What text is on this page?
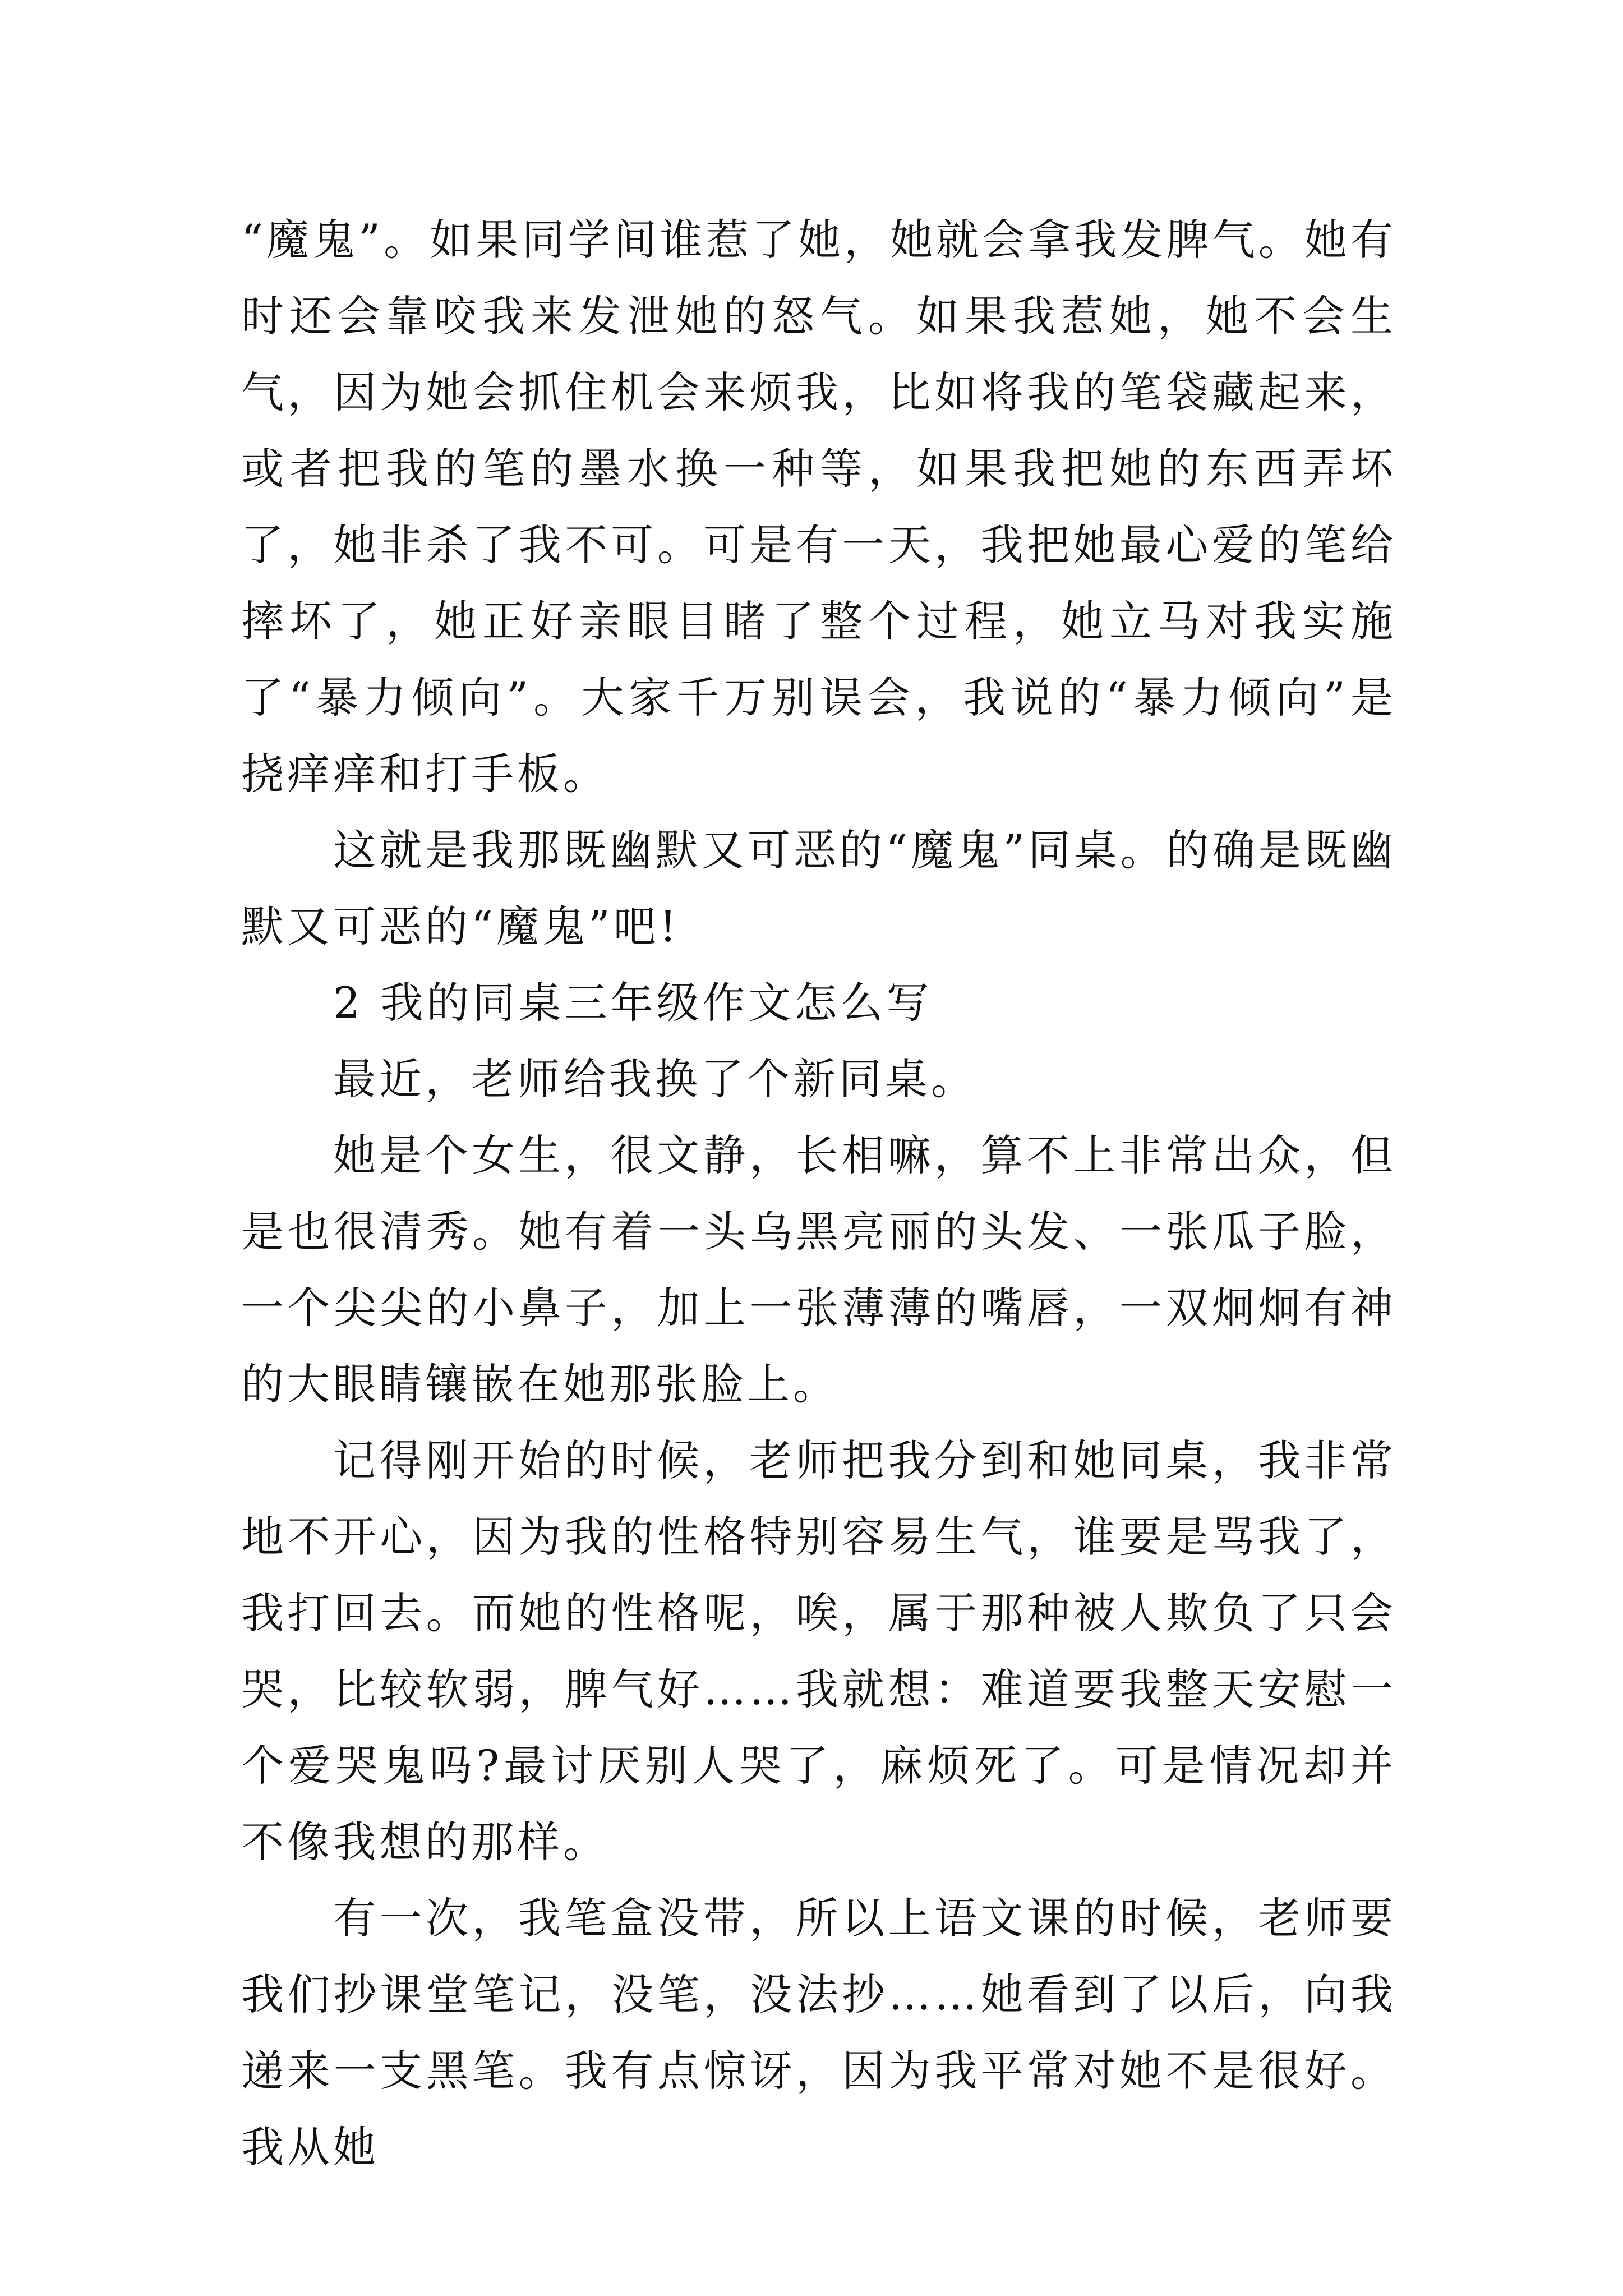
“魔鬼”。如果同学间谁惹了她，她就会拿我发脾气。她有时还会靠咬我来发泄她的怒气。如果我惹她，她不会生气，因为她会抓住机会来烦我，比如将我的笔袋藏起来，或者把我的笔的墨水换一种等，如果我把她的东西弄坏了，她非杀了我不可。可是有一天，我把她最心爱的笔给摔坏了，她正好亲眼目睹了整个过程，她立马对我实施了“暴力倾向”。大家千万别误会，我说的“暴力倾向”是挠痒痒和打手板。

这就是我那既幽默又可恶的“魔鬼”同桌。的确是既幽默又可恶的“魔鬼”吧!

2 我的同桌三年级作文怎么写

最近，老师给我换了个新同桌。

她是个女生，很文静，长相嘛，算不上非常出众，但是也很清秀。她有着一头乌黑亮丽的头发、一张瓜子脸，一个尖尖的小鼻子，加上一张薄薄的嘴唇，一双炯炯有神的大眼睛镶嵌在她那张脸上。

记得刚开始的时候，老师把我分到和她同桌，我非常地不开心，因为我的性格特别容易生气，谁要是骂我了，我打回去。而她的性格呢，唉，属于那种被人欺负了只会哭，比较软弱，脾气好……我就想：难道要我整天安慰一个爱哭鬼吗?最讨厌别人哭了，麻烦死了。可是情况却并不像我想的那样。

有一次，我笔盒没带，所以上语文课的时候，老师要我们抄课堂笔记，没笔，没法抄……她看到了以后，向我递来一支黑笔。我有点惊讶，因为我平常对她不是很好。我从她
